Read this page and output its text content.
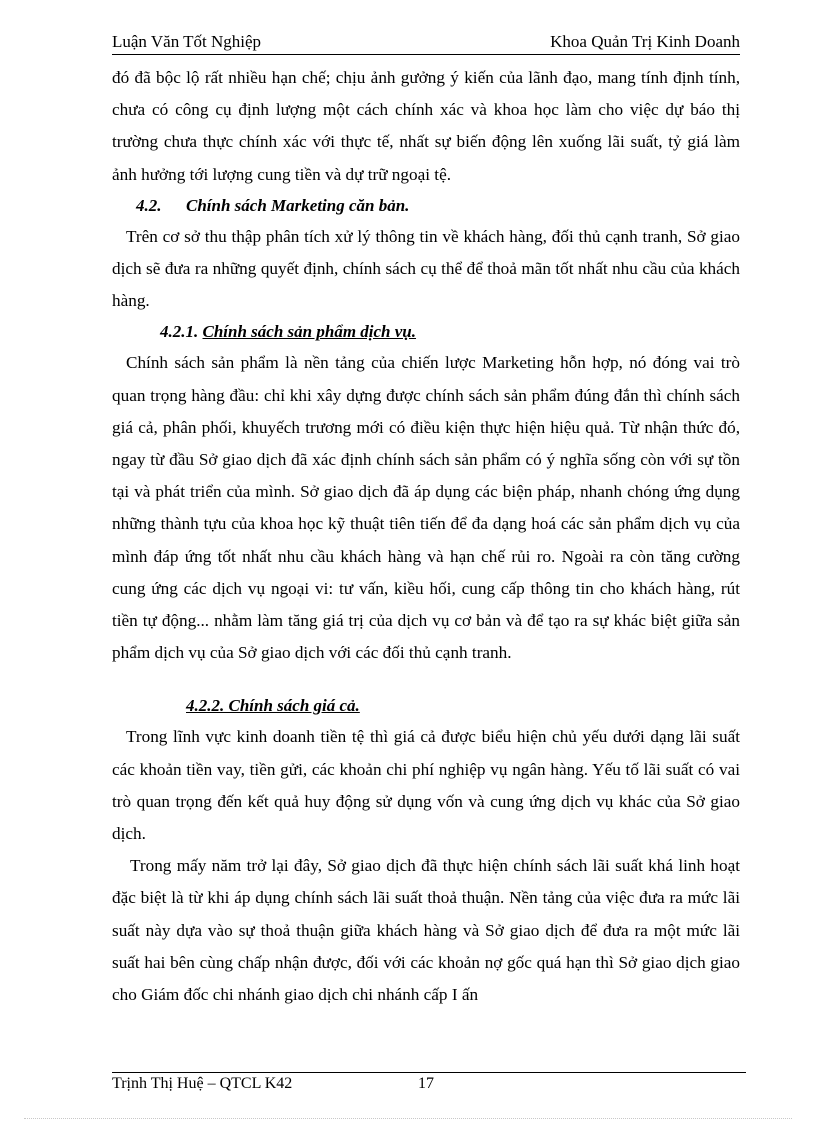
Luận Văn Tốt Nghiệp	Khoa Quản Trị Kinh Doanh

đó đã bộc lộ rất nhiều hạn chế; chịu ảnh gưởng ý kiến của lãnh đạo, mang tính định tính, chưa có công cụ định lượng một cách chính xác và khoa học làm cho việc dự báo thị trường chưa thực chính xác với thực tế, nhất sự biến động lên xuống lãi suất, tỷ giá làm ảnh hưởng tới lượng cung tiền và dự trữ ngoại tệ.

4.2. Chính sách Marketing căn bản.

Trên cơ sở thu thập phân tích xử lý thông tin về khách hàng, đối thủ cạnh tranh, Sở giao dịch sẽ đưa ra những quyết định, chính sách cụ thể để thoả mãn tốt nhất nhu cầu của khách hàng.

4.2.1. Chính sách sản phẩm dịch vụ.

Chính sách sản phẩm là nền tảng của chiến lược Marketing hỗn hợp, nó đóng vai trò quan trọng hàng đầu: chỉ khi xây dựng được chính sách sản phẩm đúng đắn thì chính sách giá cả, phân phối, khuyếch trương mới có điều kiện thực hiện hiệu quả. Từ nhận thức đó, ngay từ đầu Sở giao dịch đã xác định chính sách sản phẩm có ý nghĩa sống còn với sự tồn tại và phát triển của mình. Sở giao dịch đã áp dụng các biện pháp, nhanh chóng ứng dụng những thành tựu của khoa học kỹ thuật tiên tiến để đa dạng hoá các sản phẩm dịch vụ của mình đáp ứng tốt nhất nhu cầu khách hàng và hạn chế rủi ro. Ngoài ra còn tăng cường cung ứng các dịch vụ ngoại vi: tư vấn, kiều hối, cung cấp thông tin cho khách hàng, rút tiền tự động... nhằm làm tăng giá trị của dịch vụ cơ bản và để tạo ra sự khác biệt giữa sản phẩm dịch vụ của Sở giao dịch với các đối thủ cạnh tranh.

4.2.2. Chính sách giá cả.

Trong lĩnh vực kinh doanh tiền tệ thì giá cả được biểu hiện chủ yếu dưới dạng lãi suất các khoản tiền vay, tiền gửi, các khoản chi phí nghiệp vụ ngân hàng. Yếu tố lãi suất có vai trò quan trọng đến kết quả huy động sử dụng vốn và cung ứng dịch vụ khác của Sở giao dịch.

Trong mấy năm trở lại đây, Sở giao dịch đã thực hiện chính sách lãi suất khá linh hoạt đặc biệt là từ khi áp dụng chính sách lãi suất thoả thuận. Nền tảng của việc đưa ra mức lãi suất này dựa vào sự thoả thuận giữa khách hàng và Sở giao dịch để đưa ra một mức lãi suất hai bên cùng chấp nhận được, đối với các khoản nợ gốc quá hạn thì Sở giao dịch giao cho Giám đốc chi nhánh giao dịch chi nhánh cấp I ấn

Trịnh Thị Huệ – QTCL K42	17
